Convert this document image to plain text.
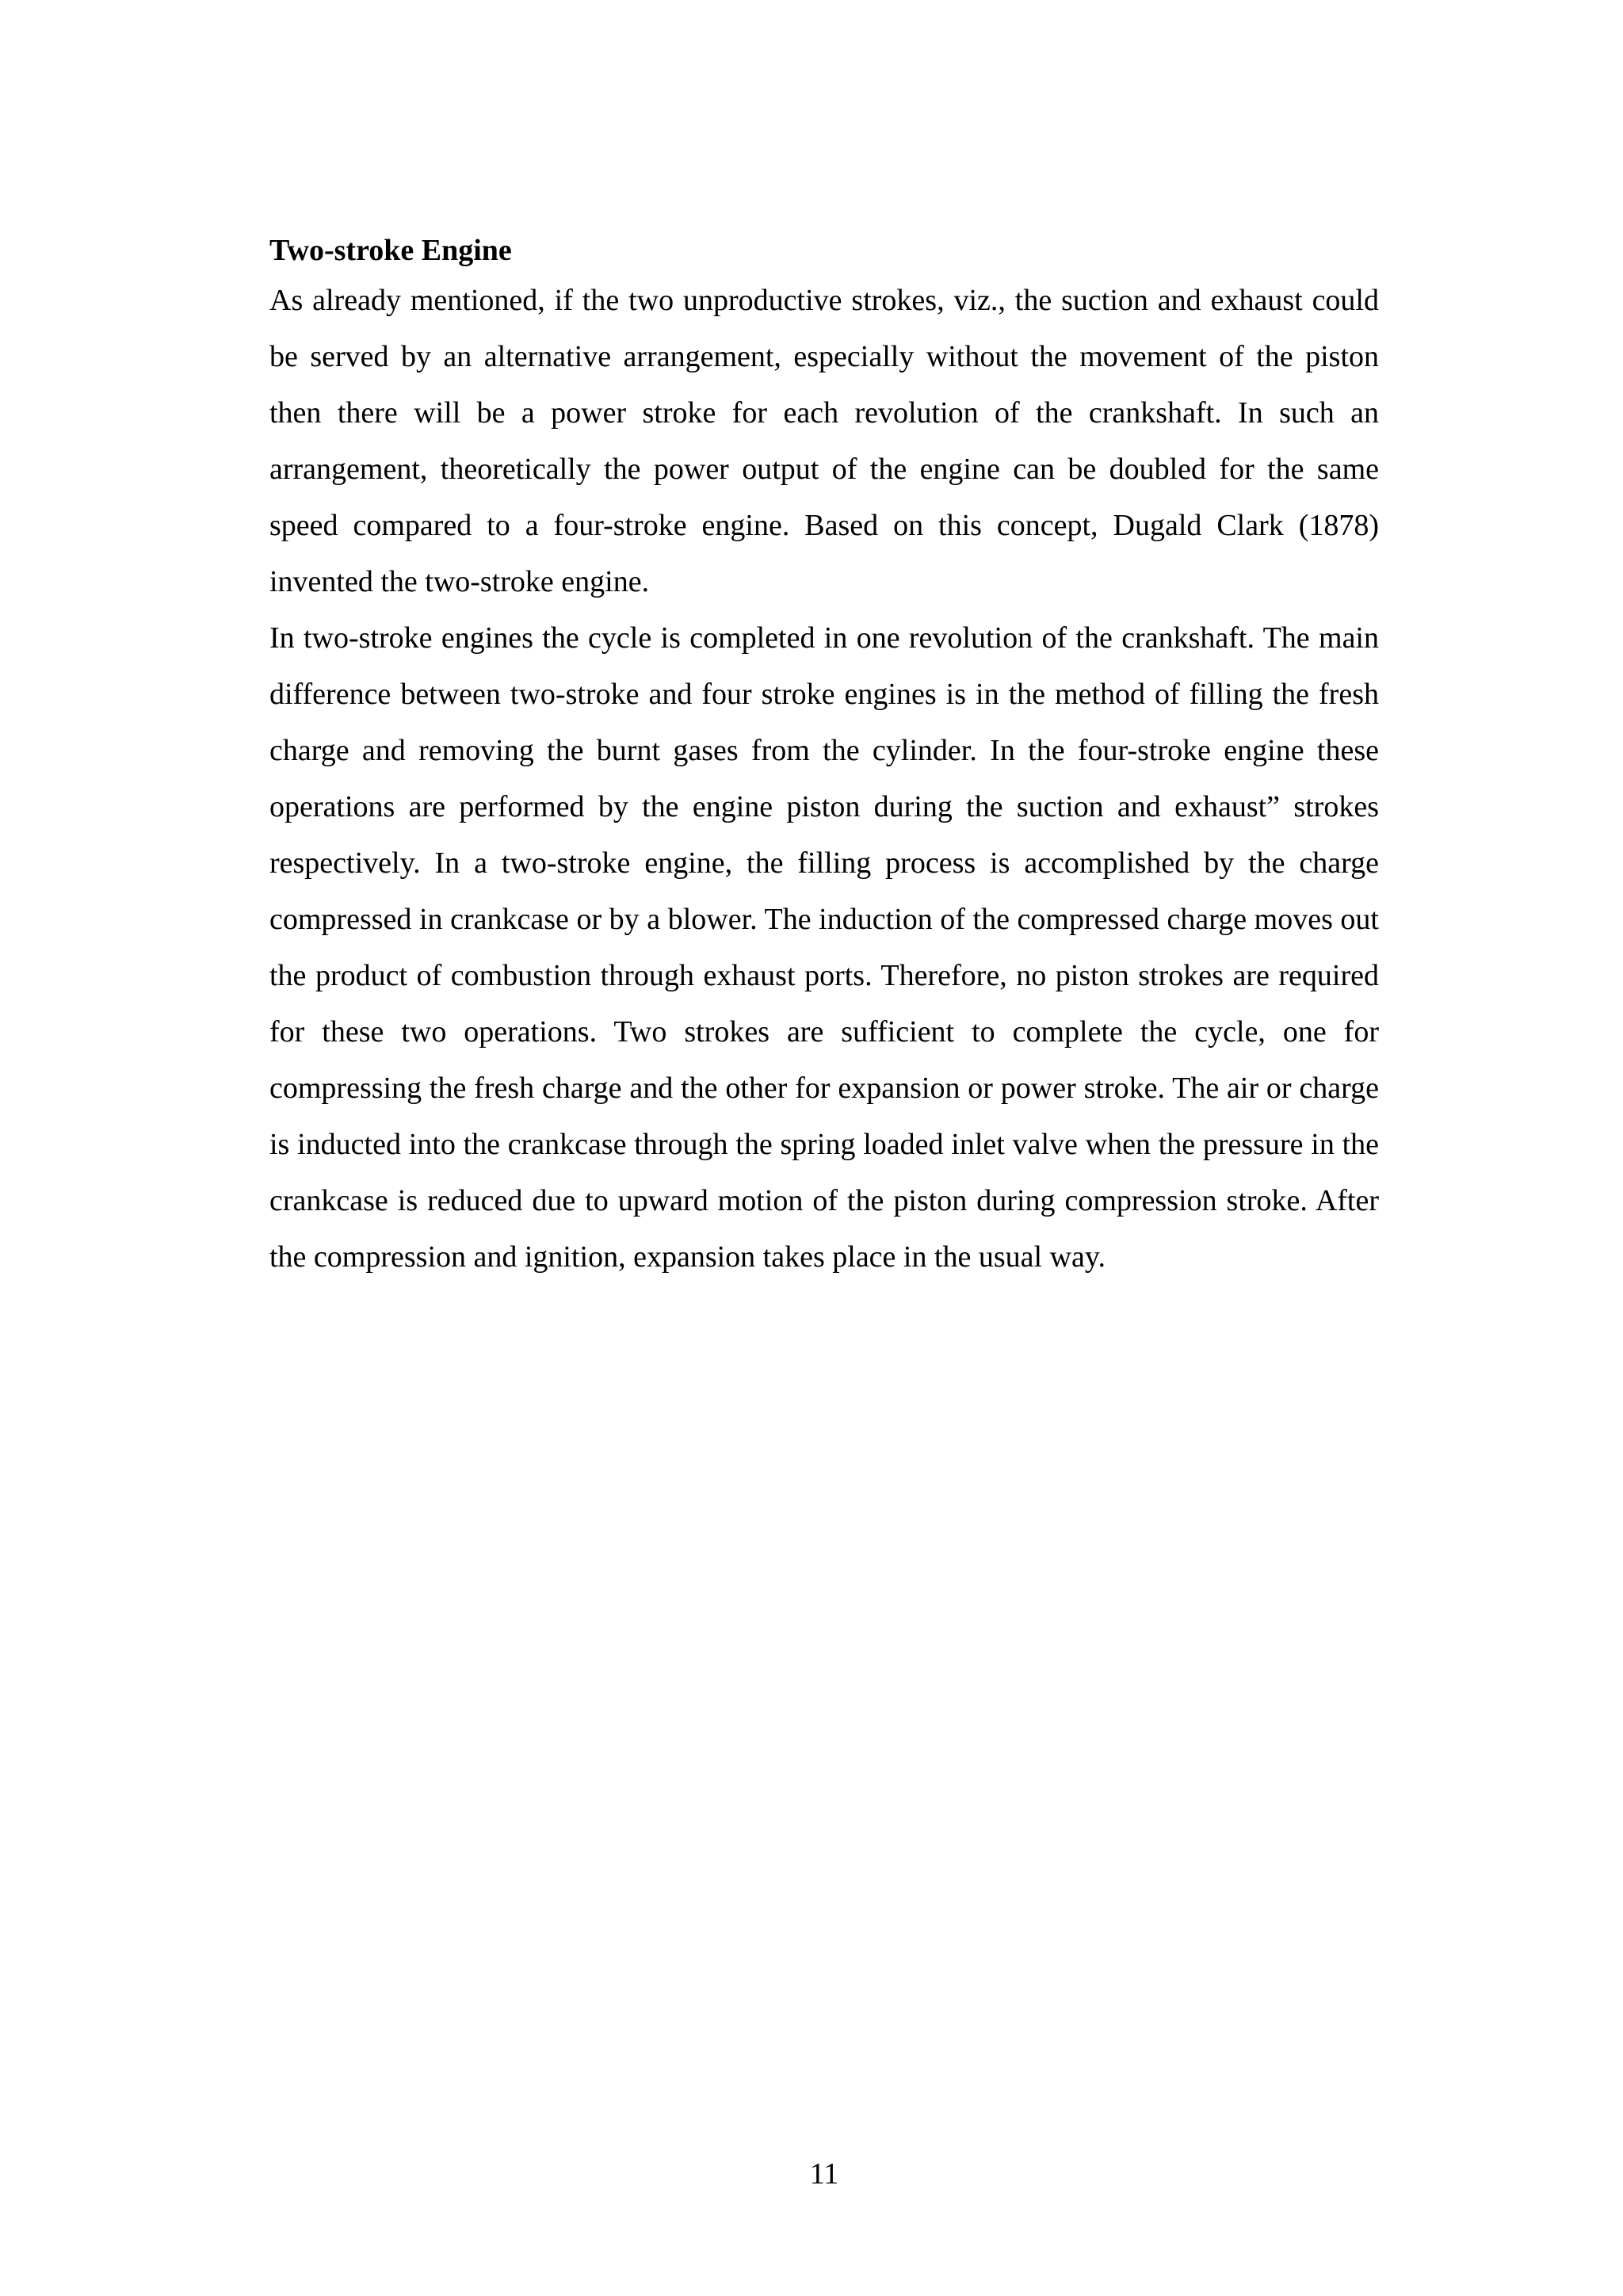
Two-stroke Engine

As already mentioned, if the two unproductive strokes, viz., the suction and exhaust could be served by an alternative arrangement, especially without the movement of the piston then there will be a power stroke for each revolution of the crankshaft. In such an arrangement, theoretically the power output of the engine can be doubled for the same speed compared to a four-stroke engine. Based on this concept, Dugald Clark (1878) invented the two-stroke engine.

In two-stroke engines the cycle is completed in one revolution of the crankshaft. The main difference between two-stroke and four stroke engines is in the method of filling the fresh charge and removing the burnt gases from the cylinder. In the four-stroke engine these operations are performed by the engine piston during the suction and exhaust” strokes respectively. In a two-stroke engine, the filling process is accomplished by the charge compressed in crankcase or by a blower. The induction of the compressed charge moves out the product of combustion through exhaust ports. Therefore, no piston strokes are required for these two operations. Two strokes are sufficient to complete the cycle, one for compressing the fresh charge and the other for expansion or power stroke. The air or charge is inducted into the crankcase through the spring loaded inlet valve when the pressure in the crankcase is reduced due to upward motion of the piston during compression stroke. After the compression and ignition, expansion takes place in the usual way.

11
